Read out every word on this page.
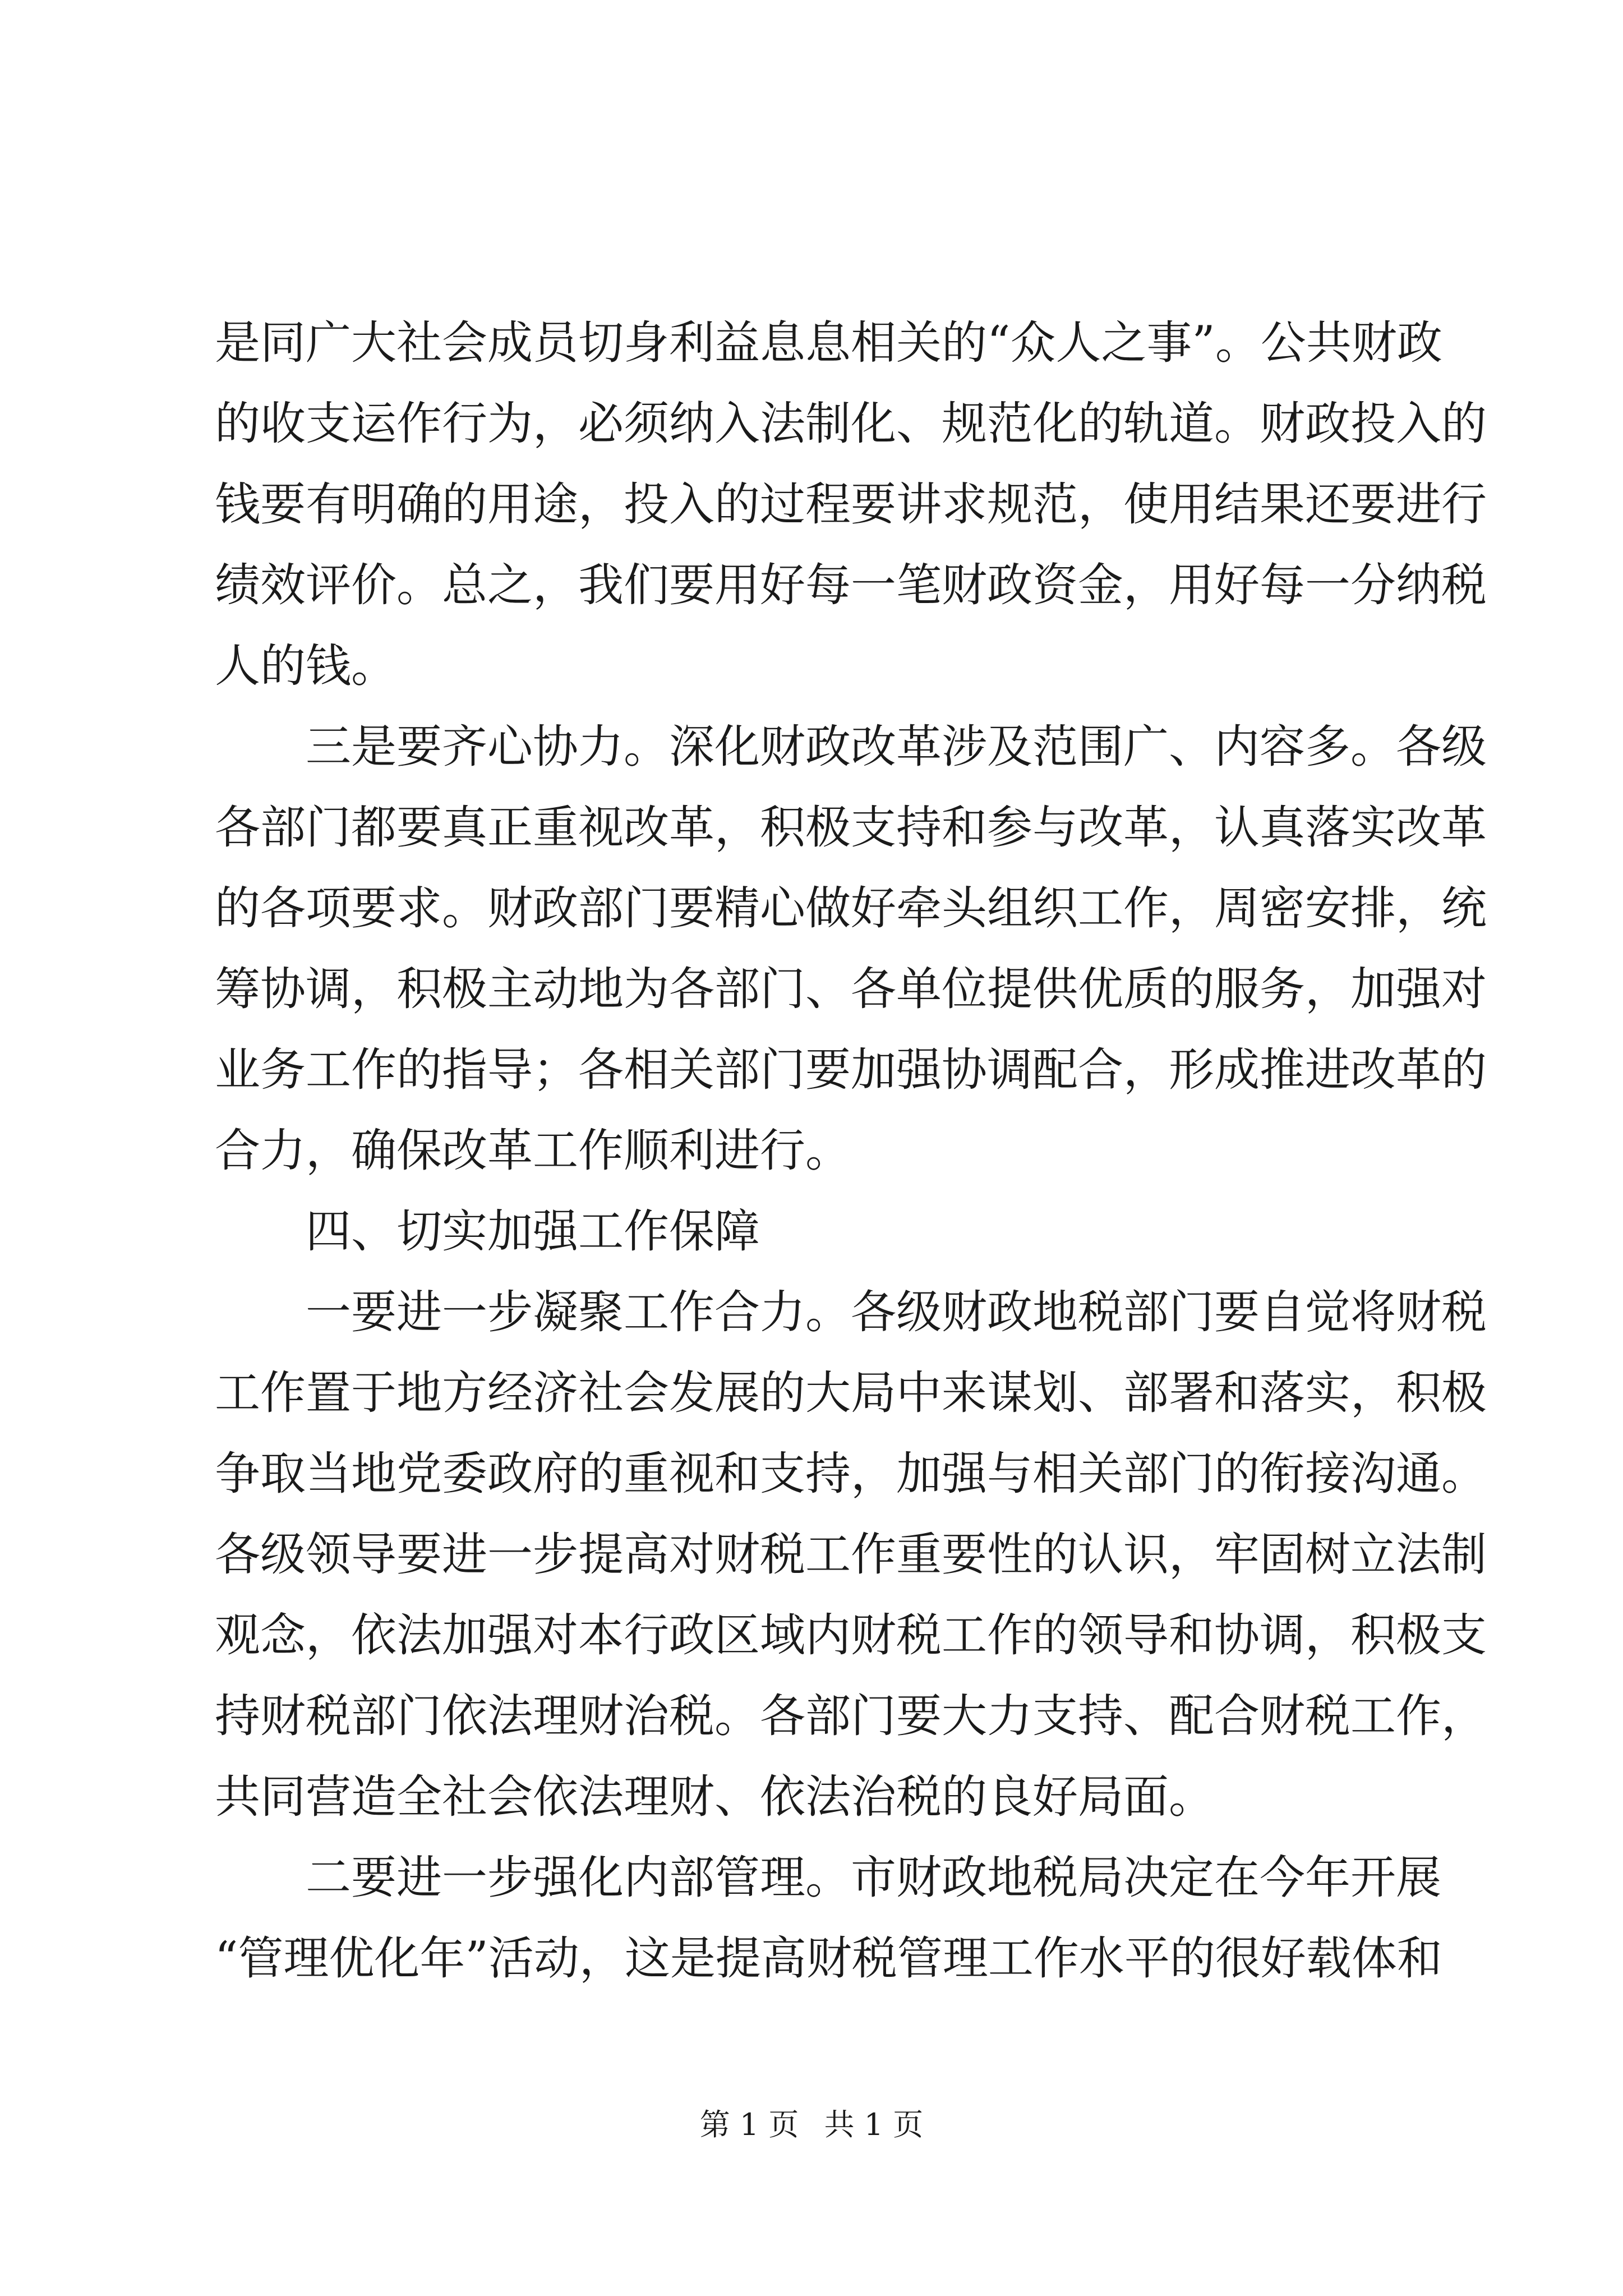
是同广大社会成员切身利益息息相关的“众人之事”。公共财政
的收支运作行为，必须纳入法制化、规范化的轨道。财政投入的
钱要有明确的用途，投入的过程要讲求规范，使用结果还要进行
绩效评价。总之，我们要用好每一笔财政资金，用好每一分纳税
人的钱。
三是要齐心协力。深化财政改革涉及范围广、内容多。各级
各部门都要真正重视改革，积极支持和参与改革，认真落实改革
的各项要求。财政部门要精心做好牵头组织工作，周密安排，统
筹协调，积极主动地为各部门、各单位提供优质的服务，加强对
业务工作的指导；各相关部门要加强协调配合，形成推进改革的
合力，确保改革工作顺利进行。
四、切实加强工作保障
一要进一步凝聚工作合力。各级财政地税部门要自觉将财税
工作置于地方经济社会发展的大局中来谋划、部署和落实，积极
争取当地党委政府的重视和支持，加强与相关部门的衔接沟通。
各级领导要进一步提高对财税工作重要性的认识，牢固树立法制
观念，依法加强对本行政区域内财税工作的领导和协调，积极支
持财税部门依法理财治税。各部门要大力支持、配合财税工作，
共同营造全社会依法理财、依法治税的良好局面。
二要进一步强化内部管理。市财政地税局决定在今年开展
“管理优化年”活动，这是提高财税管理工作水平的很好载体和
第 1 页 共 1 页
